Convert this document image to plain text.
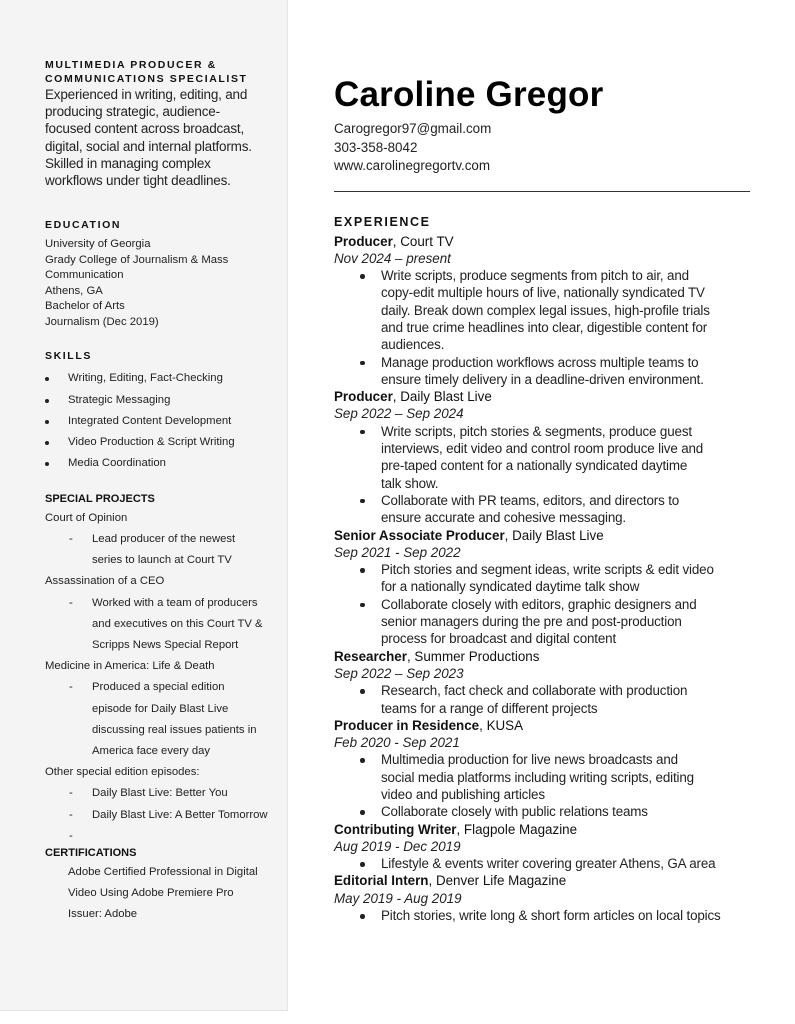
MULTIMEDIA PRODUCER &
COMMUNICATIONS SPECIALIST
Experienced in writing, editing, and
producing strategic, audience-
focused content across broadcast,
digital, social and internal platforms.
Skilled in managing complex
workflows under tight deadlines.
EDUCATION
University of Georgia
Grady College of Journalism & Mass
Communication
Athens, GA
Bachelor of Arts
Journalism (Dec 2019)
SKILLS
Writing, Editing, Fact-Checking
Strategic Messaging
Integrated Content Development
Video Production & Script Writing
Media Coordination
SPECIAL PROJECTS
Court of Opinion
- Lead producer of the newest
series to launch at Court TV
Assassination of a CEO
- Worked with a team of producers
and executives on this Court TV &
Scripps News Special Report
Medicine in America: Life & Death
- Produced a special edition
episode for Daily Blast Live
discussing real issues patients in
America face every day
Other special edition episodes:
- Daily Blast Live: Better You
- Daily Blast Live: A Better Tomorrow
-
CERTIFICATIONS
Adobe Certified Professional in Digital
Video Using Adobe Premiere Pro
Issuer: Adobe
Caroline Gregor
Carogregor97@gmail.com
303-358-8042
www.carolinegregortv.com
EXPERIENCE
Producer, Court TV
Nov 2024 – present
Write scripts, produce segments from pitch to air, and
copy-edit multiple hours of live, nationally syndicated TV
daily. Break down complex legal issues, high-profile trials
and true crime headlines into clear, digestible content for
audiences.
Manage production workflows across multiple teams to
ensure timely delivery in a deadline-driven environment.
Producer, Daily Blast Live
Sep 2022 – Sep 2024
Write scripts, pitch stories & segments, produce guest
interviews, edit video and control room produce live and
pre-taped content for a nationally syndicated daytime
talk show.
Collaborate with PR teams, editors, and directors to
ensure accurate and cohesive messaging.
Senior Associate Producer, Daily Blast Live
Sep 2021 - Sep 2022
Pitch stories and segment ideas, write scripts & edit video
for a nationally syndicated daytime talk show
Collaborate closely with editors, graphic designers and
senior managers during the pre and post-production
process for broadcast and digital content
Researcher, Summer Productions
Sep 2022 – Sep 2023
Research, fact check and collaborate with production
teams for a range of different projects
Producer in Residence, KUSA
Feb 2020 - Sep 2021
Multimedia production for live news broadcasts and
social media platforms including writing scripts, editing
video and publishing articles
Collaborate closely with public relations teams
Contributing Writer, Flagpole Magazine
Aug 2019 - Dec 2019
Lifestyle & events writer covering greater Athens, GA area
Editorial Intern, Denver Life Magazine
May 2019 - Aug 2019
Pitch stories, write long & short form articles on local topics
